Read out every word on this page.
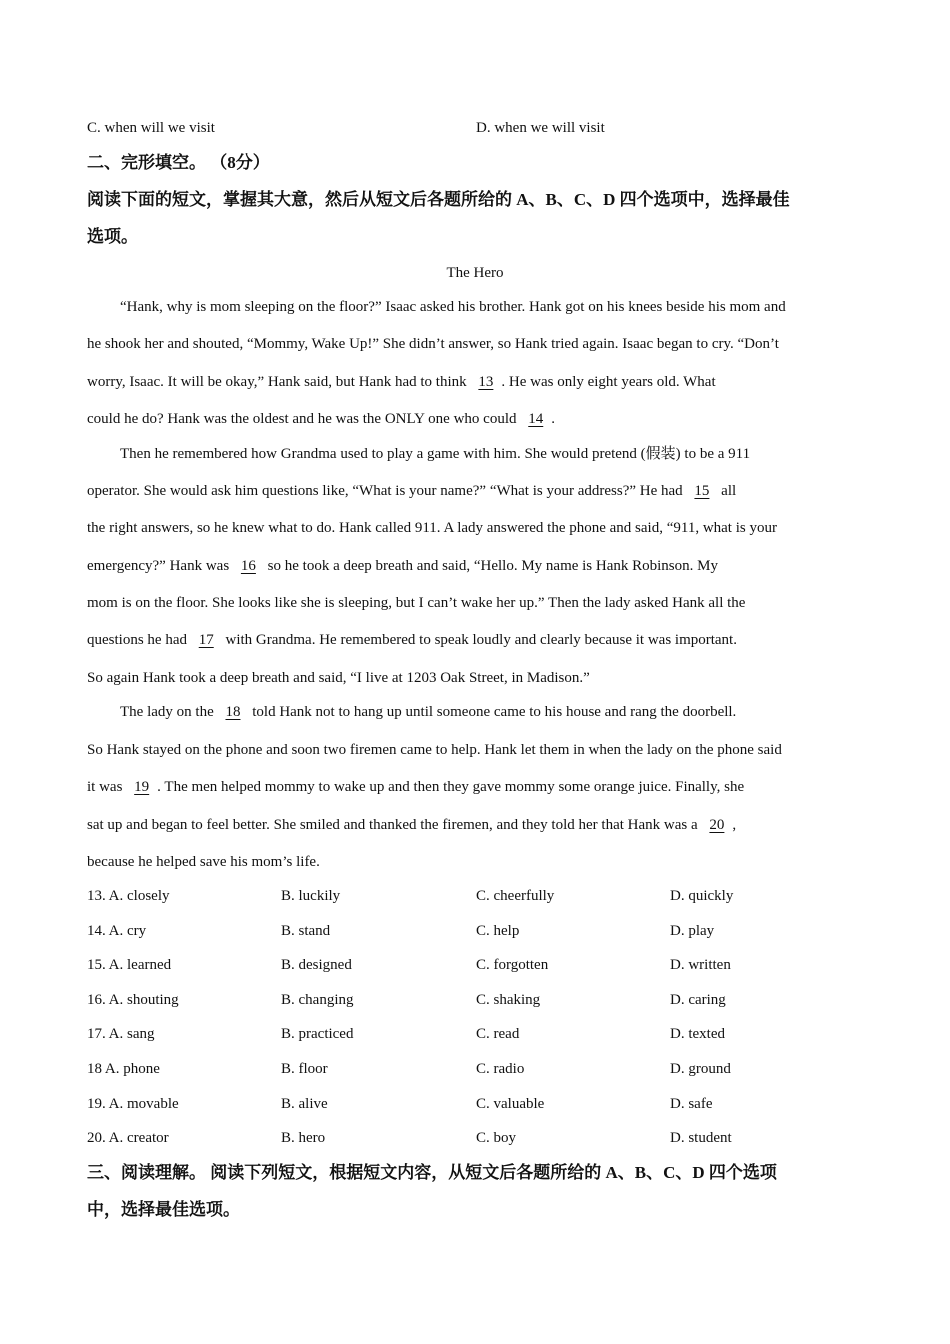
C. when will we visit	D. when we will visit
二、完形填空。 （8分）
阅读下面的短文，掌握其大意，然后从短文后各题所给的 A、B、C、D 四个选项中，选择最佳
选项。
The Hero
“Hank, why is mom sleeping on the floor?” Isaac asked his brother. Hank got on his knees beside his mom and
he shook her and shouted, “Mommy, Wake Up!” She didn’t answer, so Hank tried again. Isaac began to cry. “Don’t
worry, Isaac. It will be okay,” Hank said, but Hank had to think 13 . He was only eight years old. What
could he do? Hank was the oldest and he was the ONLY one who could 14 .
Then he remembered how Grandma used to play a game with him. She would pretend (假装) to be a 911
operator. She would ask him questions like, “What is your name?” “What is your address?” He had 15 all
the right answers, so he knew what to do. Hank called 911. A lady answered the phone and said, “911, what is your
emergency?” Hank was 16 so he took a deep breath and said, “Hello. My name is Hank Robinson. My
mom is on the floor. She looks like she is sleeping, but I can’t wake her up.” Then the lady asked Hank all the
questions he had 17 with Grandma. He remembered to speak loudly and clearly because it was important.
So again Hank took a deep breath and said, “I live at 1203 Oak Street, in Madison.”
The lady on the 18 told Hank not to hang up until someone came to his house and rang the doorbell.
So Hank stayed on the phone and soon two firemen came to help. Hank let them in when the lady on the phone said
it was 19 . The men helped mommy to wake up and then they gave mommy some orange juice. Finally, she
sat up and began to feel better. She smiled and thanked the firemen, and they told her that Hank was a 20 ,
because he helped save his mom’s life.
13. A. closely	B. luckily	C. cheerfully	D. quickly
14. A. cry	B. stand	C. help	D. play
15. A. learned	B. designed	C. forgotten	D. written
16. A. shouting	B. changing	C. shaking	D. caring
17. A. sang	B. practiced	C. read	D. texted
18 A. phone	B. floor	C. radio	D. ground
19. A. movable	B. alive	C. valuable	D. safe
20. A. creator	B. hero	C. boy	D. student
三、阅读理解。 阅读下列短文，根据短文内容，从短文后各题所给的 A、B、C、D 四个选项
中，选择最佳选项。
